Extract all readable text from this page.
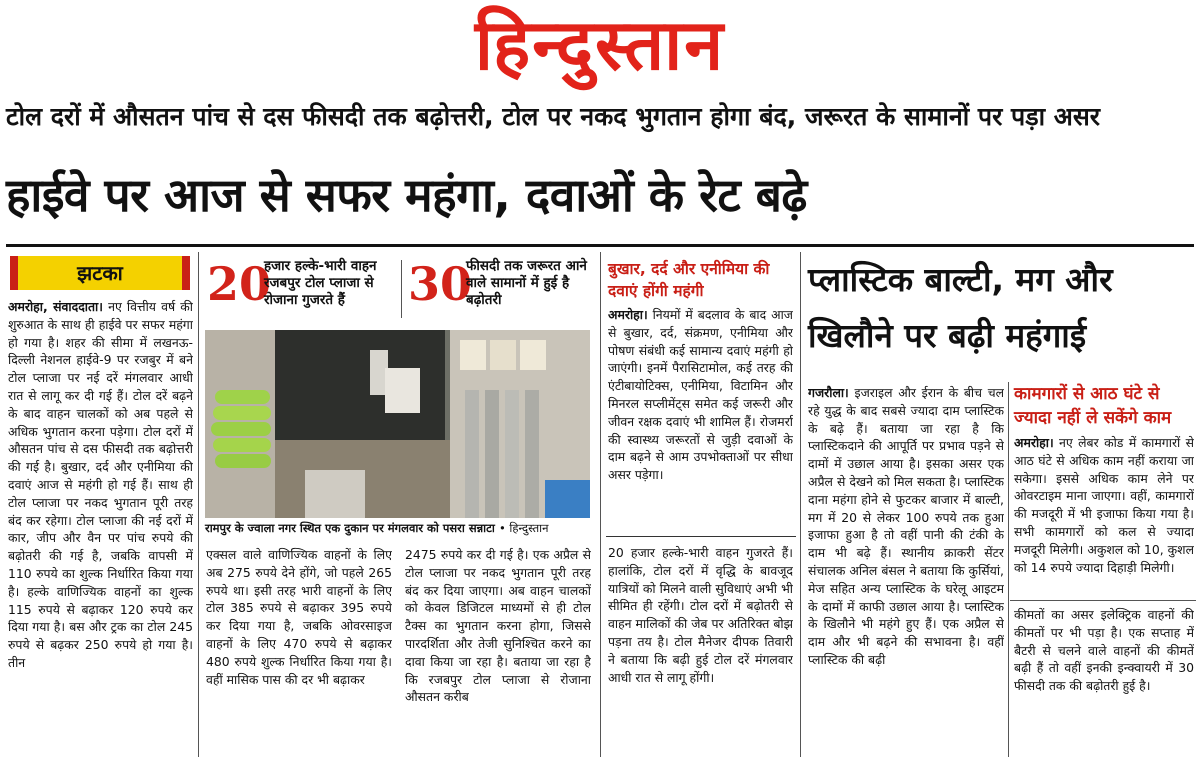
हिन्दुस्तान
टोल दरों में औसतन पांच से दस फीसदी तक बढ़ोत्तरी, टोल पर नकद भुगतान होगा बंद, जरूरत के सामानों पर पड़ा असर
हाईवे पर आज से सफर महंगा, दवाओं के रेट बढ़े
झटका

अमरोहा, संवाददाता। नए वित्तीय वर्ष की शुरुआत के साथ ही हाईवे पर सफर महंगा हो गया है। शहर की सीमा में लखनऊ-दिल्ली नेशनल हाईवे-9 पर रजबुर में बने टोल प्लाजा पर नई दरें मंगलवार आधी रात से लागू कर दी गई हैं। टोल दरें बढ़ने के बाद वाहन चालकों को अब पहले से अधिक भुगतान करना पड़ेगा। टोल दरों में औसतन पांच से दस फीसदी तक बढ़ोत्तरी की गई है। बुखार, दर्द और एनीमिया की दवाएं आज से महंगी हो गई हैं। साथ ही टोल प्लाजा पर नकद भुगतान पूरी तरह बंद कर रहेगा। टोल प्लाजा की नई दरों में कार, जीप और वैन पर पांच रुपये की बढ़ोतरी की गई है, जबकि वापसी में 110 रुपये का शुल्क निर्धारित किया गया है। हल्के वाणिज्यिक वाहनों का शुल्क 115 रुपये से बढ़ाकर 120 रुपये कर दिया गया है। बस और ट्रक का टोल 245 रुपये से बढ़कर 250 रुपये हो गया है। तीन

20
हजार हल्के-भारी वाहन रजबपुर टोल प्लाजा से रोजाना गुजरते हैं	30
फीसदी तक जरूरत आने वाले सामानों में हुई है बढ़ोतरी
रामपुर के ज्वाला नगर स्थित एक दुकान पर मंगलवार को पसरा सन्नाटा • हिन्दुस्तान

एक्सल वाले वाणिज्यिक वाहनों के लिए अब 275 रुपये देने होंगे, जो पहले 265 रुपये था। इसी तरह भारी वाहनों के लिए टोल 385 रुपये से बढ़ाकर 395 रुपये कर दिया गया है, जबकि ओवरसाइज वाहनों के लिए 470 रुपये से बढ़ाकर 480 रुपये शुल्क निर्धारित किया गया है। वहीं मासिक पास की दर भी बढ़ाकर

2475 रुपये कर दी गई है। एक अप्रैल से टोल प्लाजा पर नकद भुगतान पूरी तरह बंद कर दिया जाएगा। अब वाहन चालकों को केवल डिजिटल माध्यमों से ही टोल टैक्स का भुगतान करना होगा, जिससे पारदर्शिता और तेजी सुनिश्चित करने का दावा किया जा रहा है। बताया जा रहा है कि रजबपुर टोल प्लाजा से रोजाना औसतन करीब

बुखार, दर्द और एनीमिया की दवाएं होंगी महंगी

अमरोहा। नियमों में बदलाव के बाद आज से बुखार, दर्द, संक्रमण, एनीमिया और पोषण संबंधी कई सामान्य दवाएं महंगी हो जाएंगी। इनमें पैरासिटामोल, कई तरह की एंटीबायोटिक्स, एनीमिया, विटामिन और मिनरल सप्लीमेंट्स समेत कई जरूरी और जीवन रक्षक दवाएं भी शामिल हैं। रोजमर्रा की स्वास्थ्य जरूरतों से जुड़ी दवाओं के दाम बढ़ने से आम उपभोक्ताओं पर सीधा असर पड़ेगा।

20 हजार हल्के-भारी वाहन गुजरते हैं। हालांकि, टोल दरों में वृद्धि के बावजूद यात्रियों को मिलने वाली सुविधाएं अभी भी सीमित ही रहेंगी। टोल दरों में बढ़ोतरी से वाहन मालिकों की जेब पर अतिरिक्त बोझ पड़ना तय है। टोल मैनेजर दीपक तिवारी ने बताया कि बढ़ी हुई टोल दरें मंगलवार आधी रात से लागू होंगी।

प्लास्टिक बाल्टी, मग और खिलौने पर बढ़ी महंगाई

गजरौला। इजराइल और ईरान के बीच चल रहे युद्ध के बाद सबसे ज्यादा दाम प्लास्टिक के बढ़े हैं। बताया जा रहा है कि प्लास्टिकदाने की आपूर्ति पर प्रभाव पड़ने से दामों में उछाल आया है। इसका असर एक अप्रैल से देखने को मिल सकता है। प्लास्टिक दाना महंगा होने से फुटकर बाजार में बाल्टी, मग में 20 से लेकर 100 रुपये तक हुआ इजाफा हुआ है तो वहीं पानी की टंकी के दाम भी बढ़े हैं। स्थानीय क्राकरी सेंटर संचालक अनिल बंसल ने बताया कि कुर्सियां, मेज सहित अन्य प्लास्टिक के घरेलू आइटम के दामों में काफी उछाल आया है। प्लास्टिक के खिलौने भी महंगे हुए हैं। एक अप्रैल से दाम और भी बढ़ने की सभावना है। वहीं प्लास्टिक की बढ़ी

कामगारों से आठ घंटे से ज्यादा नहीं ले सकेंगे काम

अमरोहा। नए लेबर कोड में कामगारों से आठ घंटे से अधिक काम नहीं कराया जा सकेगा। इससे अधिक काम लेने पर ओवरटाइम माना जाएगा। वहीं, कामगारों की मजदूरी में भी इजाफा किया गया है। सभी कामगारों को कल से ज्यादा मजदूरी मिलेगी। अकुशल को 10, कुशल को 14 रुपये ज्यादा दिहाड़ी मिलेगी।

कीमतों का असर इलेक्ट्रिक वाहनों की कीमतों पर भी पड़ा है। एक सप्ताह में बैटरी से चलने वाले वाहनों की कीमतें बढ़ी हैं तो वहीं इनकी इन्क्वायरी में 30 फीसदी तक की बढ़ोतरी हुई है।
